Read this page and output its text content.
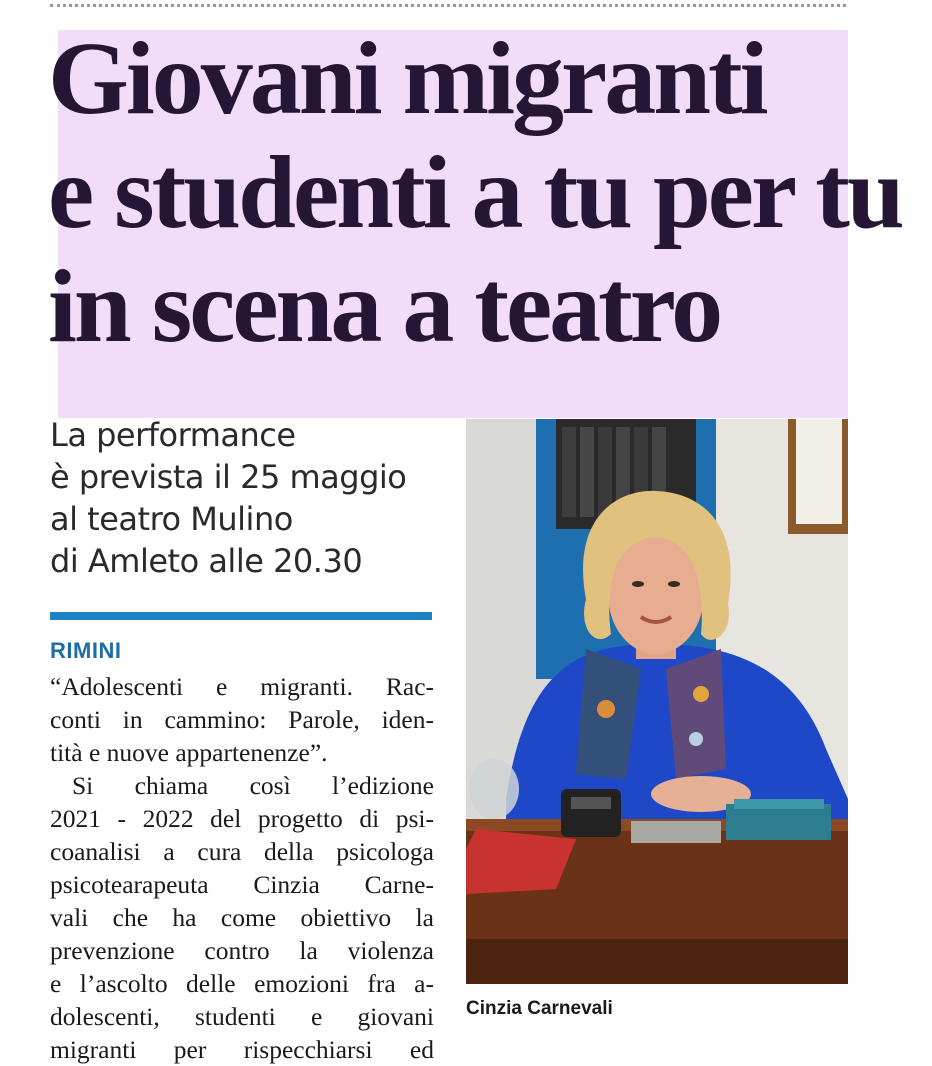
Giovani migranti
e studenti a tu per tu
in scena a teatro
La performance
è prevista il 25 maggio
al teatro Mulino
di Amleto alle 20.30
RIMINI
“Adolescenti e migranti. Rac-
conti in cammino: Parole, iden-
tità e nuove appartenenze”.
Si chiama così l’edizione
2021 - 2022 del progetto di psi-
coanalisi a cura della psicologa
psicotearapeuta Cinzia Carne-
vali che ha come obiettivo la
prevenzione contro la violenza
e l’ascolto delle emozioni fra a-
dolescenti, studenti e giovani
migranti per rispecchiarsi ed
Cinzia Carnevali
